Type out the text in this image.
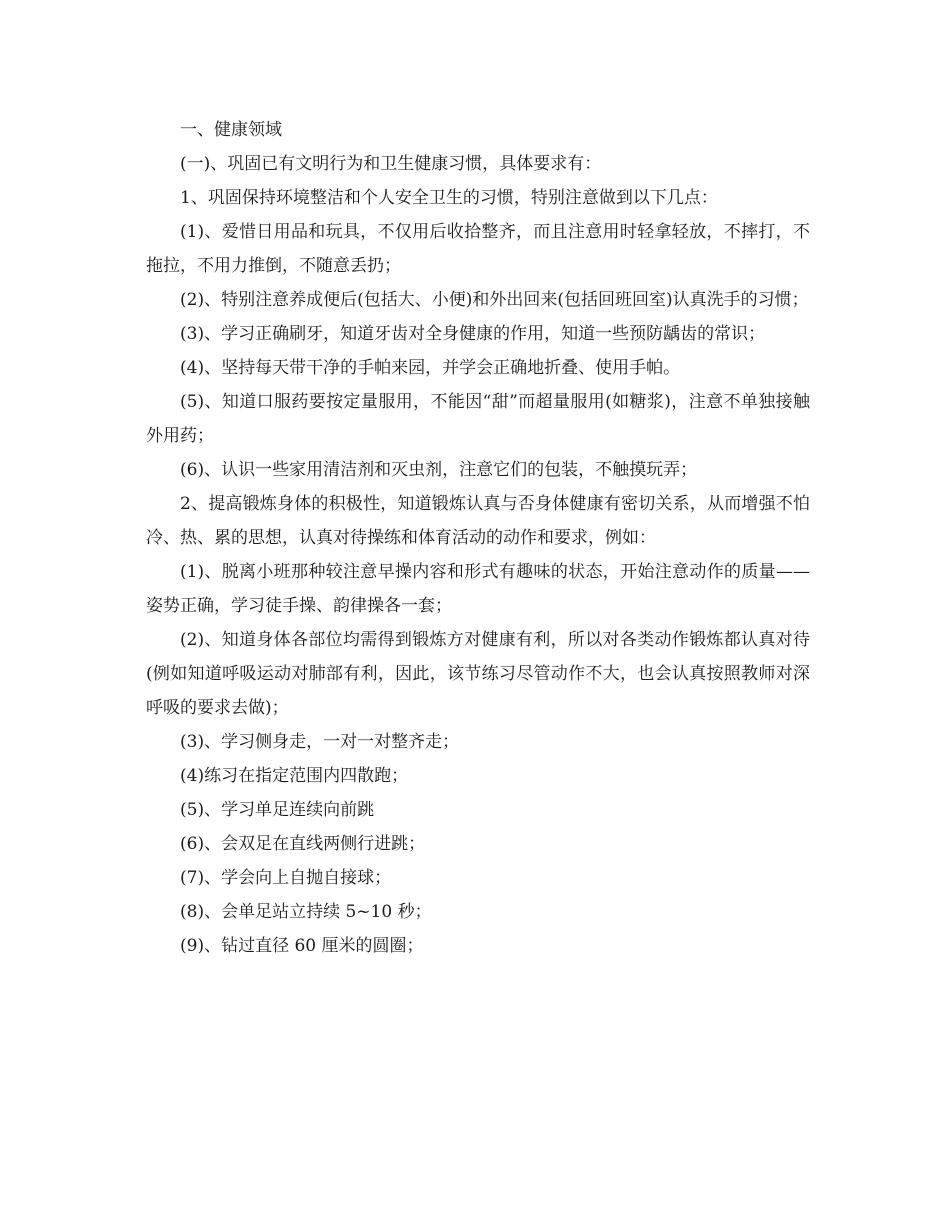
一、健康领域

(一)、巩固已有文明行为和卫生健康习惯，具体要求有：

1、巩固保持环境整洁和个人安全卫生的习惯，特别注意做到以下几点：

(1)、爱惜日用品和玩具，不仅用后收拾整齐，而且注意用时轻拿轻放，不摔打，不拖拉，不用力推倒，不随意丢扔；

(2)、特别注意养成便后(包括大、小便)和外出回来(包括回班回室)认真洗手的习惯；

(3)、学习正确刷牙，知道牙齿对全身健康的作用，知道一些预防龋齿的常识；

(4)、坚持每天带干净的手帕来园，并学会正确地折叠、使用手帕。

(5)、知道口服药要按定量服用，不能因“甜”而超量服用(如糖浆)，注意不单独接触外用药；

(6)、认识一些家用清洁剂和灭虫剂，注意它们的包装，不触摸玩弄；

2、提高锻炼身体的积极性，知道锻炼认真与否身体健康有密切关系，从而增强不怕冷、热、累的思想，认真对待操练和体育活动的动作和要求，例如：

(1)、脱离小班那种较注意早操内容和形式有趣味的状态，开始注意动作的质量——姿势正确，学习徒手操、韵律操各一套；

(2)、知道身体各部位均需得到锻炼方对健康有利，所以对各类动作锻炼都认真对待(例如知道呼吸运动对肺部有利，因此，该节练习尽管动作不大，也会认真按照教师对深呼吸的要求去做)；

(3)、学习侧身走，一对一对整齐走；

(4)练习在指定范围内四散跑；

(5)、学习单足连续向前跳

(6)、会双足在直线两侧行进跳；

(7)、学会向上自抛自接球；

(8)、会单足站立持续 5~10 秒；

(9)、钻过直径 60 厘米的圆圈；
